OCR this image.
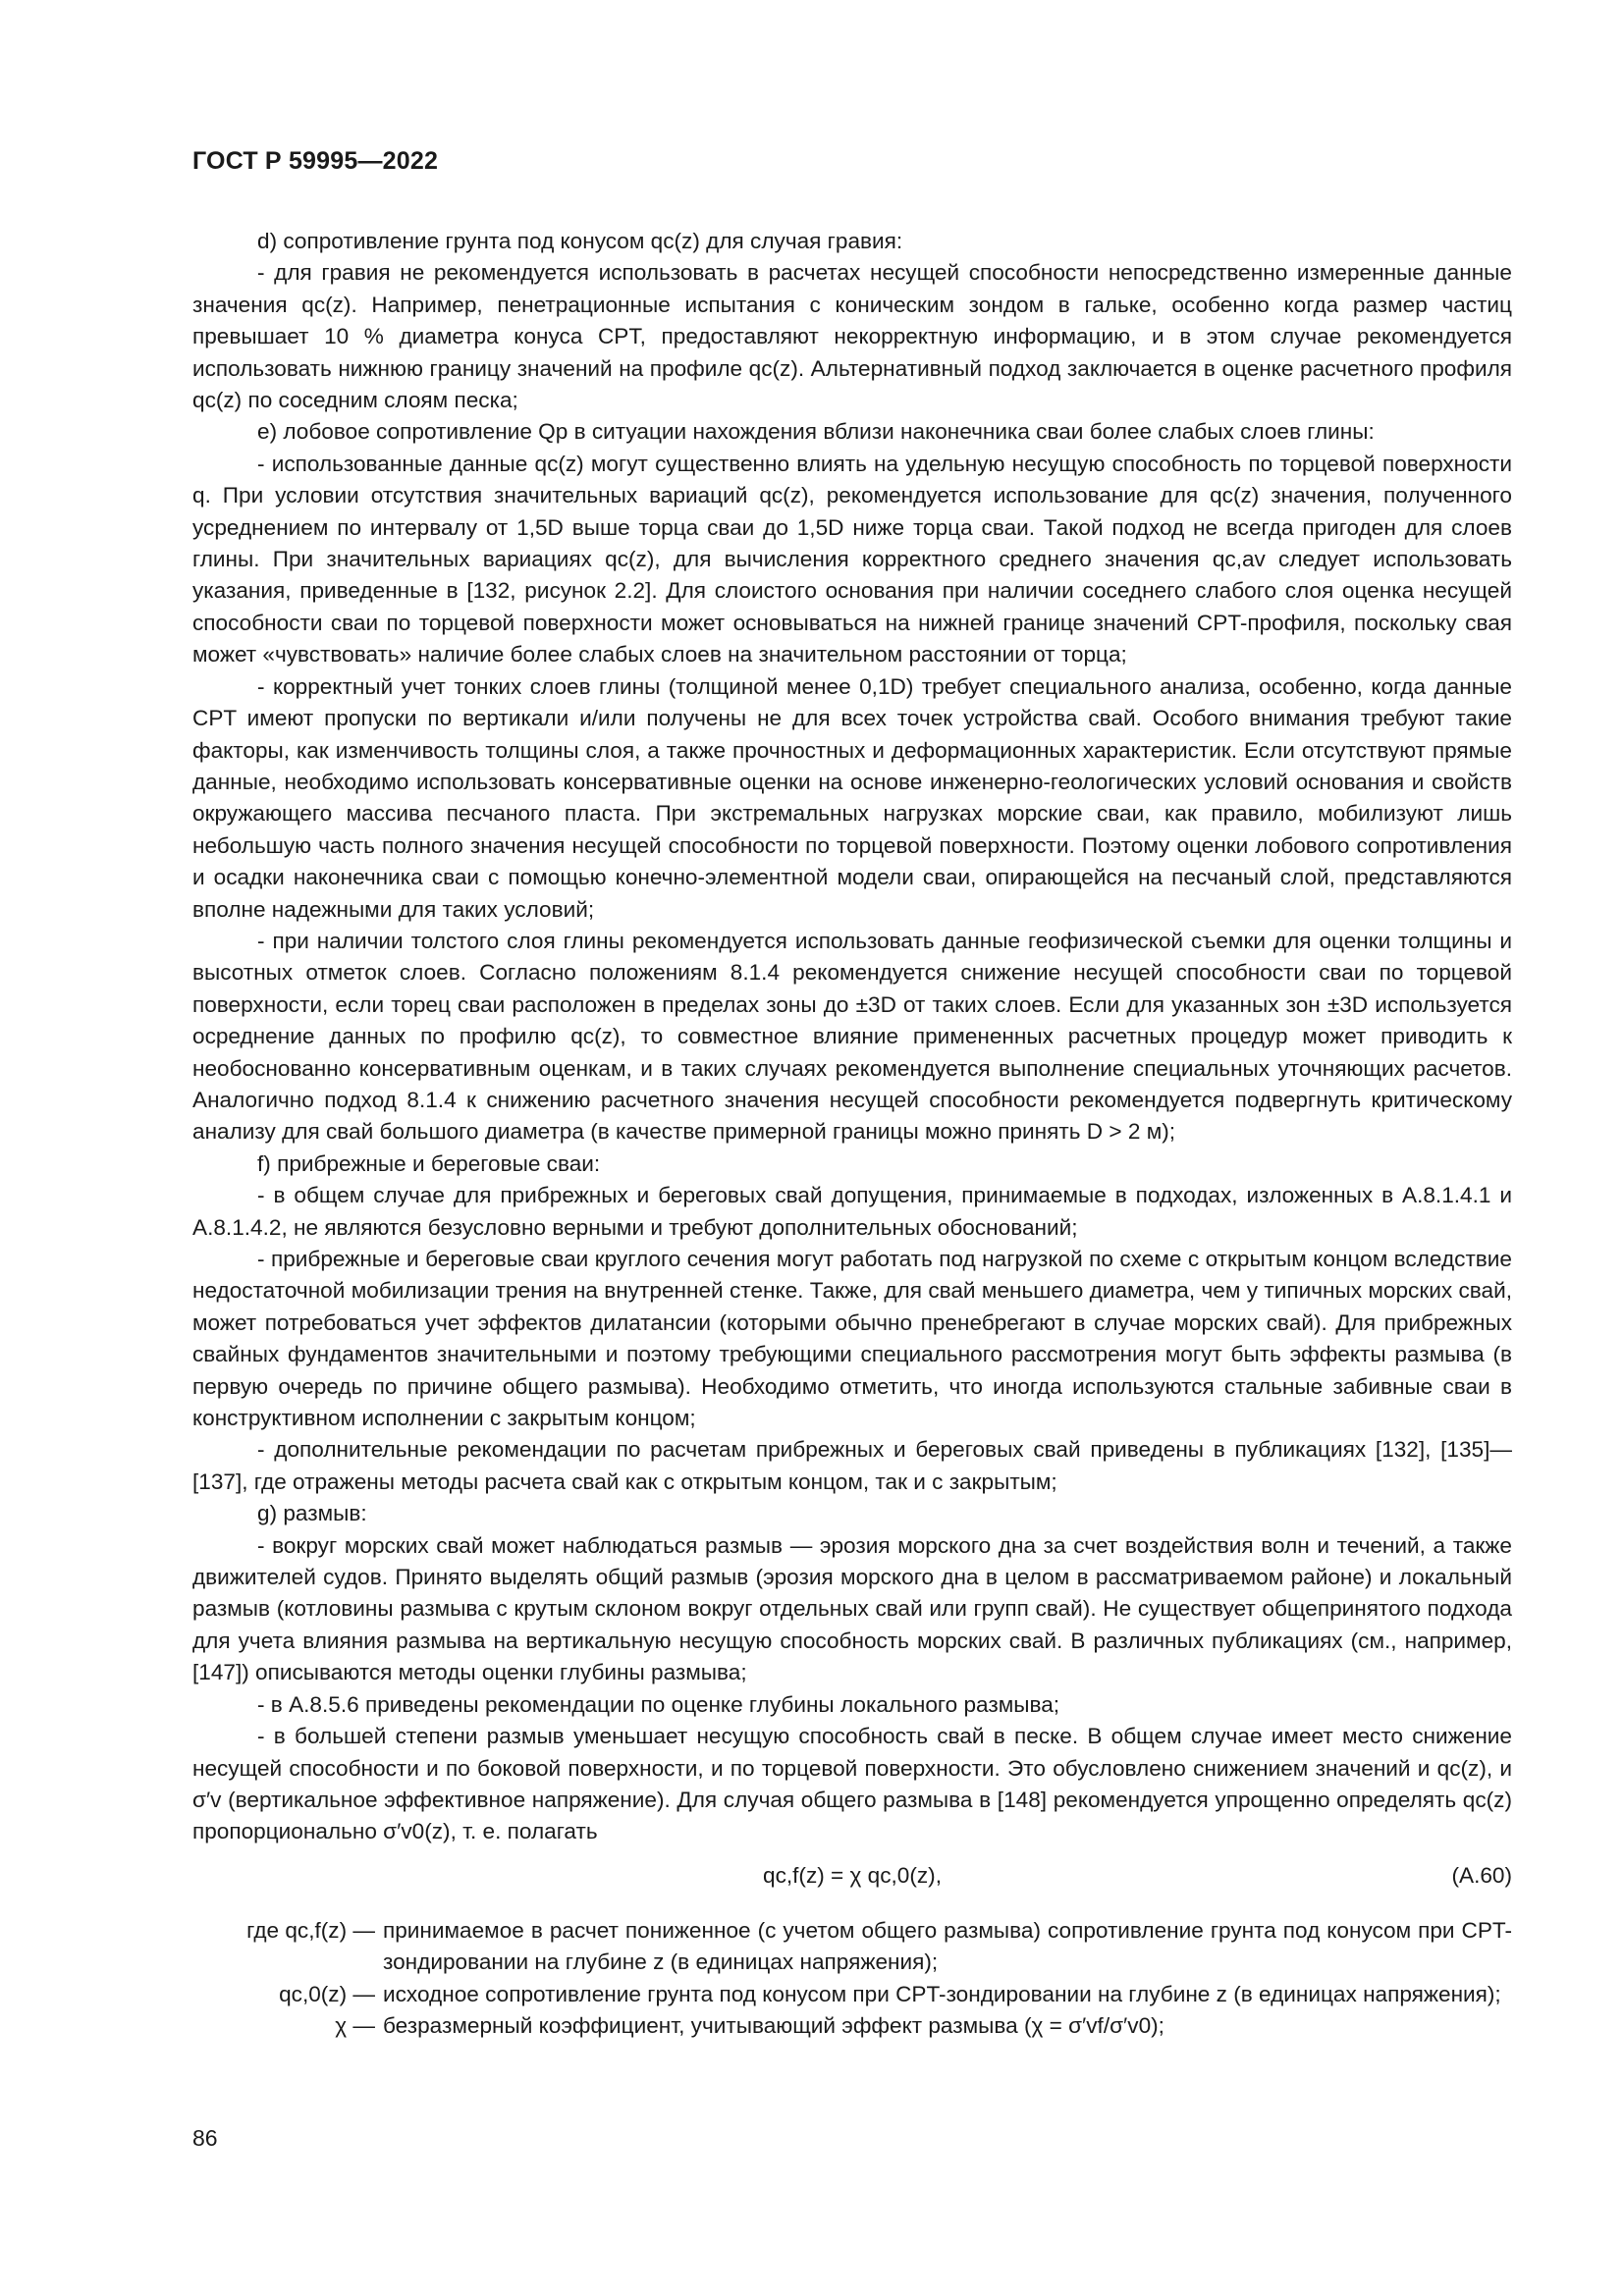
ГОСТ Р 59995—2022

d) сопротивление грунта под конусом qc(z) для случая гравия:

- для гравия не рекомендуется использовать в расчетах несущей способности непосредственно измеренные данные значения qc(z). Например, пенетрационные испытания с коническим зондом в гальке, особенно когда размер частиц превышает 10 % диаметра конуса CPT, предоставляют некорректную информацию, и в этом случае рекомендуется использовать нижнюю границу значений на профиле qc(z). Альтернативный подход заключается в оценке расчетного профиля qc(z) по соседним слоям песка;

e) лобовое сопротивление Qp в ситуации нахождения вблизи наконечника сваи более слабых слоев глины:

- использованные данные qc(z) могут существенно влиять на удельную несущую способность по торцевой поверхности q. При условии отсутствия значительных вариаций qc(z), рекомендуется использование для qc(z) значения, полученного усреднением по интервалу от 1,5D выше торца сваи до 1,5D ниже торца сваи. Такой подход не всегда пригоден для слоев глины. При значительных вариациях qc(z), для вычисления корректного среднего значения qc,av следует использовать указания, приведенные в [132, рисунок 2.2]. Для слоистого основания при наличии соседнего слабого слоя оценка несущей способности сваи по торцевой поверхности может основываться на нижней границе значений CPT-профиля, поскольку свая может «чувствовать» наличие более слабых слоев на значительном расстоянии от торца;

- корректный учет тонких слоев глины (толщиной менее 0,1D) требует специального анализа, особенно, когда данные CPT имеют пропуски по вертикали и/или получены не для всех точек устройства свай. Особого внимания требуют такие факторы, как изменчивость толщины слоя, а также прочностных и деформационных характеристик. Если отсутствуют прямые данные, необходимо использовать консервативные оценки на основе инженерно-геологических условий основания и свойств окружающего массива песчаного пласта. При экстремальных нагрузках морские сваи, как правило, мобилизуют лишь небольшую часть полного значения несущей способности по торцевой поверхности. Поэтому оценки лобового сопротивления и осадки наконечника сваи с помощью конечно-элементной модели сваи, опирающейся на песчаный слой, представляются вполне надежными для таких условий;

- при наличии толстого слоя глины рекомендуется использовать данные геофизической съемки для оценки толщины и высотных отметок слоев. Согласно положениям 8.1.4 рекомендуется снижение несущей способности сваи по торцевой поверхности, если торец сваи расположен в пределах зоны до ±3D от таких слоев. Если для указанных зон ±3D используется осреднение данных по профилю qc(z), то совместное влияние примененных расчетных процедур может приводить к необоснованно консервативным оценкам, и в таких случаях рекомендуется выполнение специальных уточняющих расчетов. Аналогично подход 8.1.4 к снижению расчетного значения несущей способности рекомендуется подвергнуть критическому анализу для свай большого диаметра (в качестве примерной границы можно принять D > 2 м);

f) прибрежные и береговые сваи:

- в общем случае для прибрежных и береговых свай допущения, принимаемые в подходах, изложенных в А.8.1.4.1 и А.8.1.4.2, не являются безусловно верными и требуют дополнительных обоснований;

- прибрежные и береговые сваи круглого сечения могут работать под нагрузкой по схеме с открытым концом вследствие недостаточной мобилизации трения на внутренней стенке. Также, для свай меньшего диаметра, чем у типичных морских свай, может потребоваться учет эффектов дилатансии (которыми обычно пренебрегают в случае морских свай). Для прибрежных свайных фундаментов значительными и поэтому требующими специального рассмотрения могут быть эффекты размыва (в первую очередь по причине общего размыва). Необходимо отметить, что иногда используются стальные забивные сваи в конструктивном исполнении с закрытым концом;

- дополнительные рекомендации по расчетам прибрежных и береговых свай приведены в публикациях [132], [135]—[137], где отражены методы расчета свай как с открытым концом, так и с закрытым;

g) размыв:

- вокруг морских свай может наблюдаться размыв — эрозия морского дна за счет воздействия волн и течений, а также движителей судов. Принято выделять общий размыв (эрозия морского дна в целом в рассматриваемом районе) и локальный размыв (котловины размыва с крутым склоном вокруг отдельных свай или групп свай). Не существует общепринятого подхода для учета влияния размыва на вертикальную несущую способность морских свай. В различных публикациях (см., например, [147]) описываются методы оценки глубины размыва;

- в А.8.5.6 приведены рекомендации по оценке глубины локального размыва;

- в большей степени размыв уменьшает несущую способность свай в песке. В общем случае имеет место снижение несущей способности и по боковой поверхности, и по торцевой поверхности. Это обусловлено снижением значений и qc(z), и σ′v (вертикальное эффективное напряжение). Для случая общего размыва в [148] рекомендуется упрощенно определять qc(z) пропорционально σ′v0(z), т. е. полагать

qc,f(z) = χ qc,0(z),	(А.60)
где qc,f(z) — принимаемое в расчет пониженное (с учетом общего размыва) сопротивление грунта под конусом при CPT-зондировании на глубине z (в единицах напряжения);
qc,0(z) — исходное сопротивление грунта под конусом при CPT-зондировании на глубине z (в единицах напряжения);
χ — безразмерный коэффициент, учитывающий эффект размыва (χ = σ′vf/σ′v0);
86
